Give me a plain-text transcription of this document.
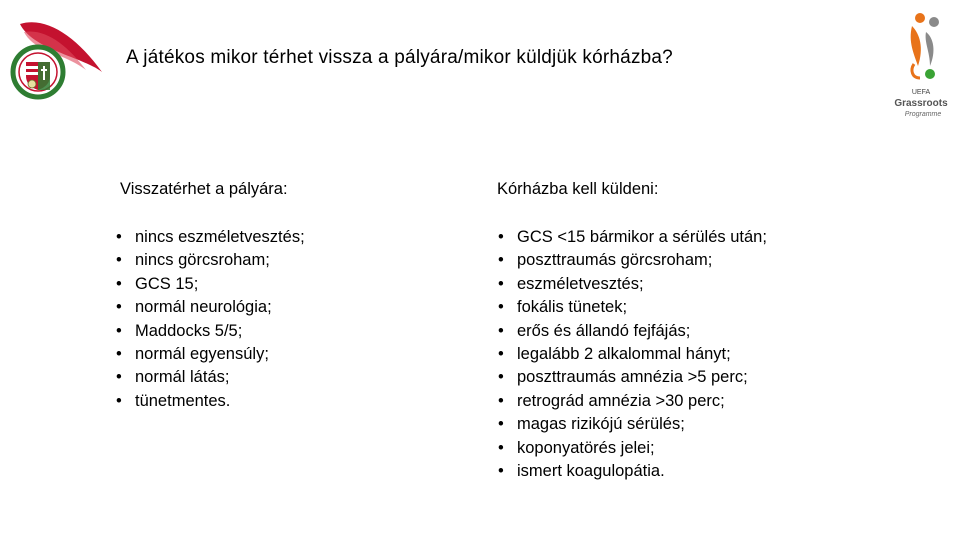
UEFA
Grassroots
Programme
A játékos mikor térhet vissza a pályára/mikor küldjük kórházba?
Visszatérhet a pályára:	Kórházba kell küldeni:
• nincs eszméletvesztés;
• nincs görcsroham;
• GCS 15;
• normál neurológia;
• Maddocks 5/5;
• normál egyensúly;
• normál látás;
• tünetmentes.
• GCS <15 bármikor a sérülés után;
• poszttraumás görcsroham;
• eszméletvesztés;
• fokális tünetek;
• erős és állandó fejfájás;
• legalább 2 alkalommal hányt;
• poszttraumás amnézia >5 perc;
• retrográd amnézia >30 perc;
• magas rizikójú sérülés;
• koponyatörés jelei;
• ismert koagulopátia.
